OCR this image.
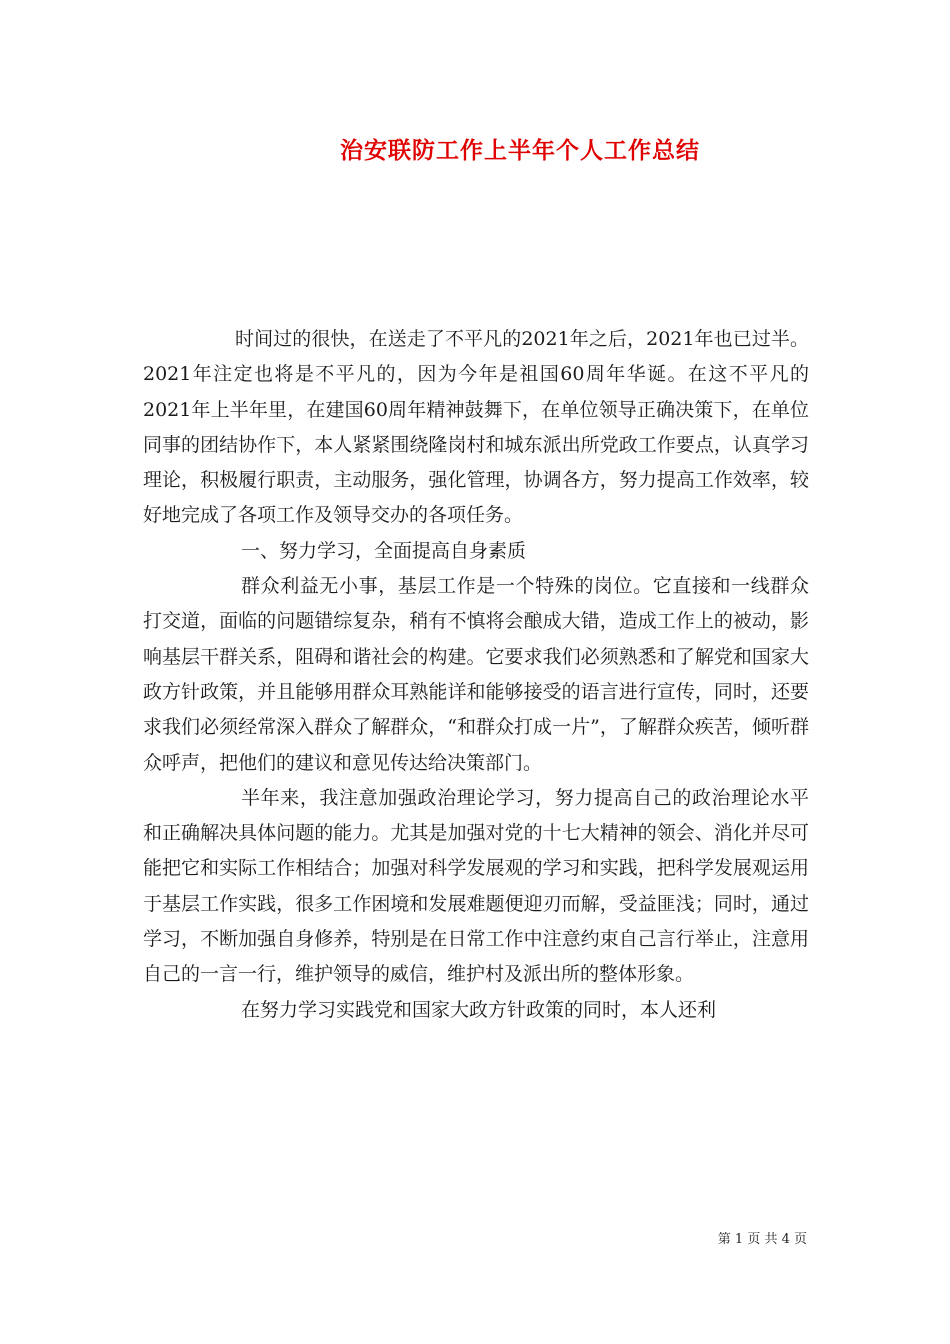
治安联防工作上半年个人工作总结

时间过的很快，在送走了不平凡的2021年之后，2021年也已过半。2021年注定也将是不平凡的，因为今年是祖国60周年华诞。在这不平凡的2021年上半年里，在建国60周年精神鼓舞下，在单位领导正确决策下，在单位同事的团结协作下，本人紧紧围绕隆岗村和城东派出所党政工作要点，认真学习理论，积极履行职责，主动服务，强化管理，协调各方，努力提高工作效率，较好地完成了各项工作及领导交办的各项任务。

一、努力学习，全面提高自身素质

群众利益无小事，基层工作是一个特殊的岗位。它直接和一线群众打交道，面临的问题错综复杂，稍有不慎将会酿成大错，造成工作上的被动，影响基层干群关系，阻碍和谐社会的构建。它要求我们必须熟悉和了解党和国家大政方针政策，并且能够用群众耳熟能详和能够接受的语言进行宣传，同时，还要求我们必须经常深入群众了解群众，“和群众打成一片”，了解群众疾苦，倾听群众呼声，把他们的建议和意见传达给决策部门。

半年来，我注意加强政治理论学习，努力提高自己的政治理论水平和正确解决具体问题的能力。尤其是加强对党的十七大精神的领会、消化并尽可能把它和实际工作相结合；加强对科学发展观的学习和实践，把科学发展观运用于基层工作实践，很多工作困境和发展难题便迎刃而解，受益匪浅；同时，通过学习，不断加强自身修养，特别是在日常工作中注意约束自己言行举止，注意用自己的一言一行，维护领导的威信，维护村及派出所的整体形象。

在努力学习实践党和国家大政方针政策的同时，本人还利

第 1 页 共 4 页
